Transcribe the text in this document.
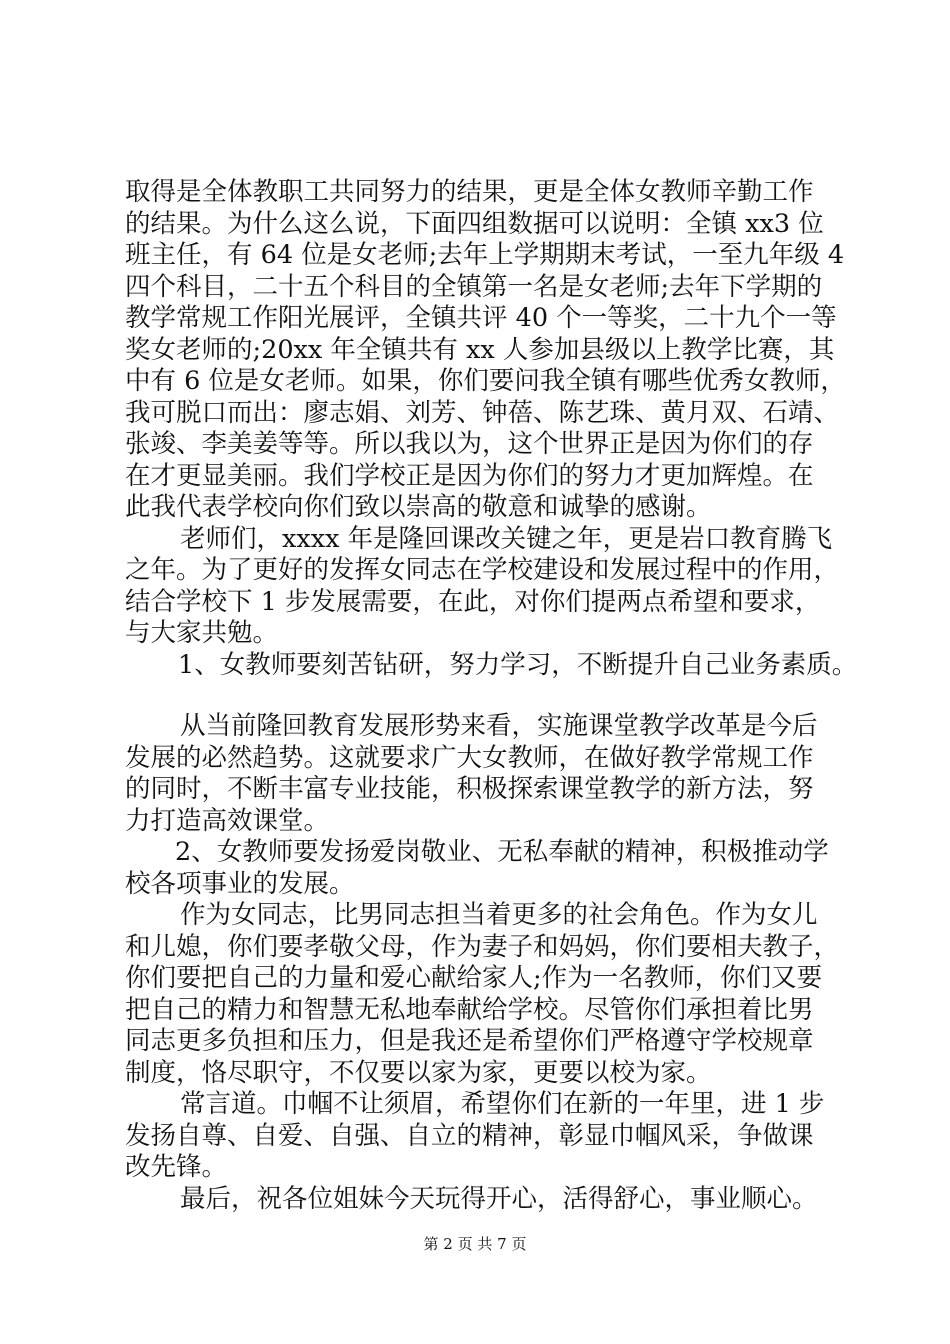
取得是全体教职工共同努力的结果，更是全体女教师辛勤工作
的结果。为什么这么说，下面四组数据可以说明：全镇 xx3 位
班主任，有 64 位是女老师;去年上学期期末考试，一至九年级 4
四个科目，二十五个科目的全镇第一名是女老师;去年下学期的
教学常规工作阳光展评，全镇共评 40 个一等奖，二十九个一等
奖女老师的;20xx 年全镇共有 xx 人参加县级以上教学比赛，其
中有 6 位是女老师。如果，你们要问我全镇有哪些优秀女教师，
我可脱口而出：廖志娟、刘芳、钟蓓、陈艺珠、黄月双、石靖、
张竣、李美姜等等。所以我以为，这个世界正是因为你们的存
在才更显美丽。我们学校正是因为你们的努力才更加辉煌。在
此我代表学校向你们致以崇高的敬意和诚挚的感谢。
老师们，xxxx 年是隆回课改关键之年，更是岩口教育腾飞
之年。为了更好的发挥女同志在学校建设和发展过程中的作用，
结合学校下 1 步发展需要，在此，对你们提两点希望和要求，
与大家共勉。
1、女教师要刻苦钻研，努力学习，不断提升自己业务素质。
从当前隆回教育发展形势来看，实施课堂教学改革是今后
发展的必然趋势。这就要求广大女教师，在做好教学常规工作
的同时，不断丰富专业技能，积极探索课堂教学的新方法，努
力打造高效课堂。
2、女教师要发扬爱岗敬业、无私奉献的精神，积极推动学
校各项事业的发展。
作为女同志，比男同志担当着更多的社会角色。作为女儿
和儿媳，你们要孝敬父母，作为妻子和妈妈，你们要相夫教子，
你们要把自己的力量和爱心献给家人;作为一名教师，你们又要
把自己的精力和智慧无私地奉献给学校。尽管你们承担着比男
同志更多负担和压力，但是我还是希望你们严格遵守学校规章
制度，恪尽职守，不仅要以家为家，更要以校为家。
常言道。巾帼不让须眉，希望你们在新的一年里，进 1 步
发扬自尊、自爱、自强、自立的精神，彰显巾帼风采，争做课
改先锋。
最后，祝各位姐妹今天玩得开心，活得舒心，事业顺心。
第 2 页 共 7 页
